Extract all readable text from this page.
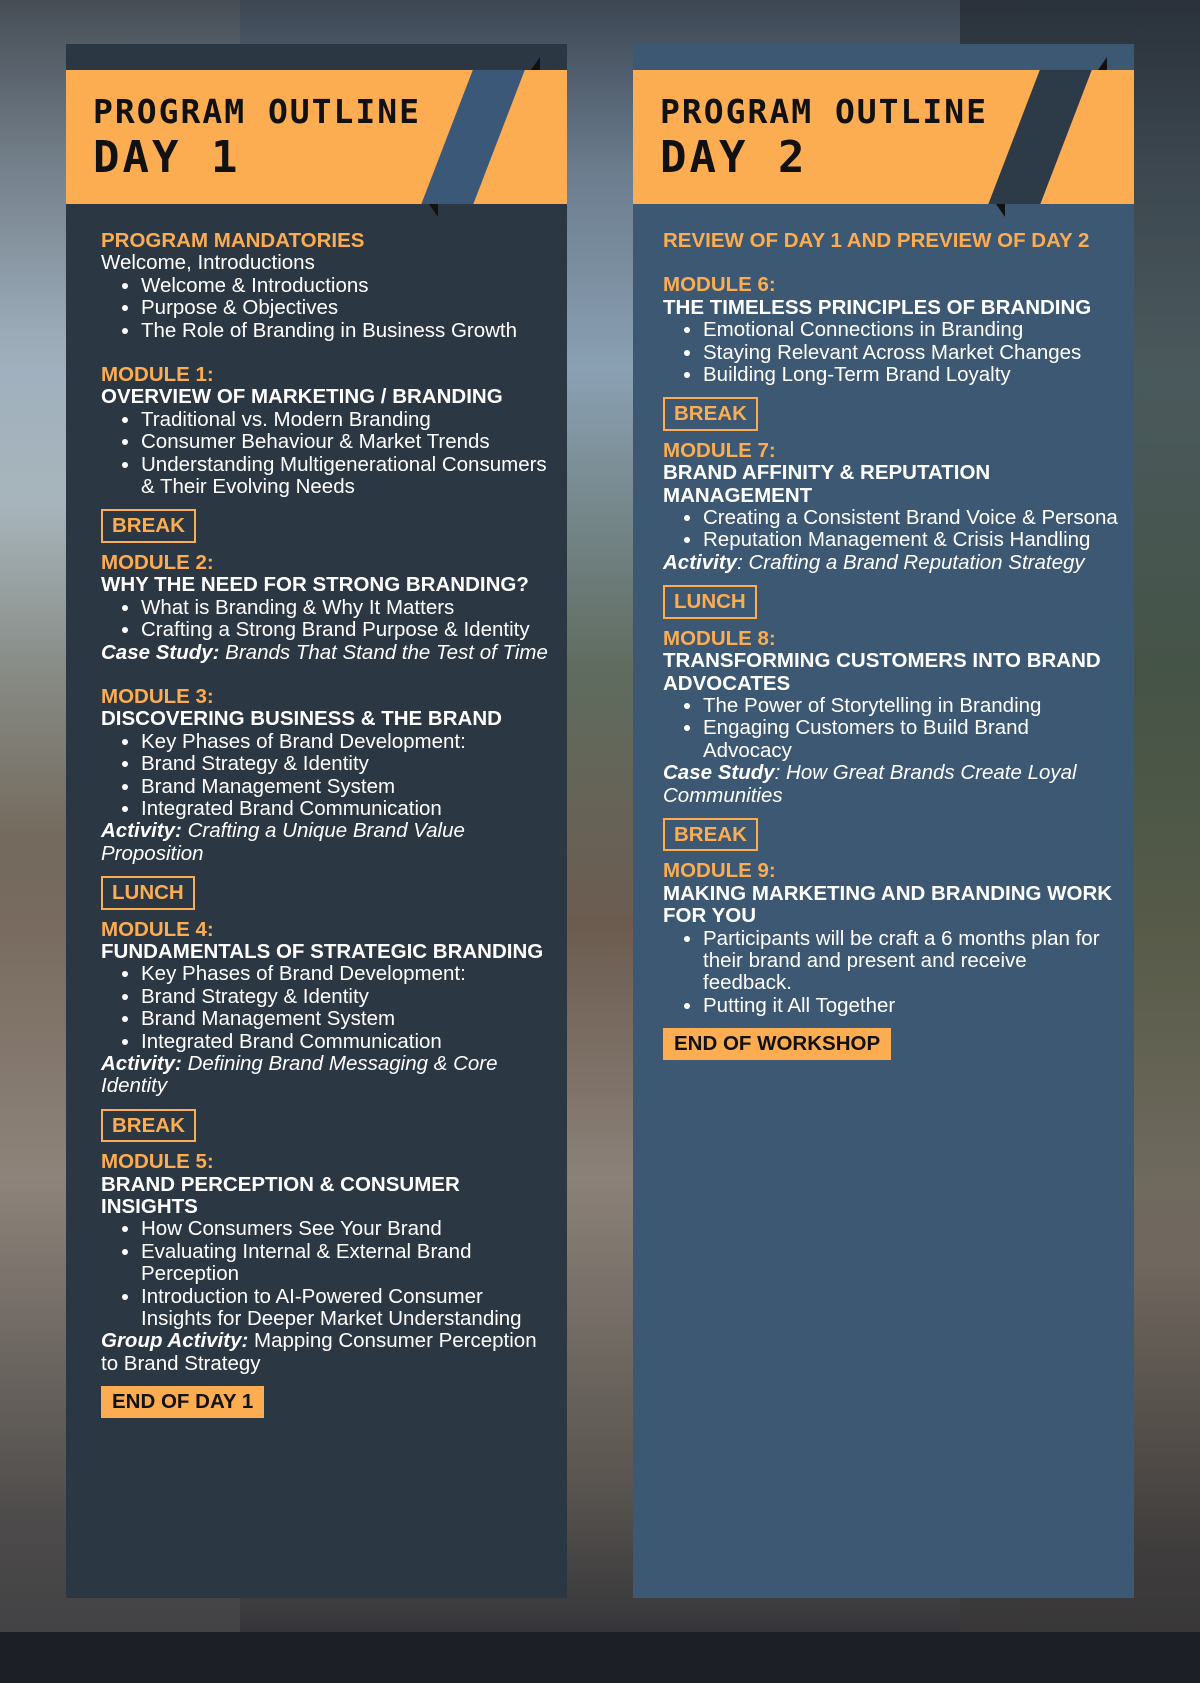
PROGRAM OUTLINE
DAY 1
PROGRAM MANDATORIES
Welcome, Introductions
• Welcome & Introductions
• Purpose & Objectives
• The Role of Branding in Business Growth
MODULE 1:
OVERVIEW OF MARKETING / BRANDING
• Traditional vs. Modern Branding
• Consumer Behaviour & Market Trends
• Understanding Multigenerational Consumers & Their Evolving Needs
BREAK
MODULE 2:
WHY THE NEED FOR STRONG BRANDING?
• What is Branding & Why It Matters
• Crafting a Strong Brand Purpose & Identity
Case Study: Brands That Stand the Test of Time
MODULE 3:
DISCOVERING BUSINESS & THE BRAND
• Key Phases of Brand Development:
• Brand Strategy & Identity
• Brand Management System
• Integrated Brand Communication
Activity: Crafting a Unique Brand Value Proposition
LUNCH
MODULE 4:
FUNDAMENTALS OF STRATEGIC BRANDING
• Key Phases of Brand Development:
• Brand Strategy & Identity
• Brand Management System
• Integrated Brand Communication
Activity: Defining Brand Messaging & Core Identity
BREAK
MODULE 5:
BRAND PERCEPTION & CONSUMER INSIGHTS
• How Consumers See Your Brand
• Evaluating Internal & External Brand Perception
• Introduction to AI-Powered Consumer Insights for Deeper Market Understanding
Group Activity: Mapping Consumer Perception to Brand Strategy
END OF DAY 1
PROGRAM OUTLINE
DAY 2
REVIEW OF DAY 1 AND PREVIEW OF DAY 2
MODULE 6:
THE TIMELESS PRINCIPLES OF BRANDING
• Emotional Connections in Branding
• Staying Relevant Across Market Changes
• Building Long-Term Brand Loyalty
BREAK
MODULE 7:
BRAND AFFINITY & REPUTATION MANAGEMENT
• Creating a Consistent Brand Voice & Persona
• Reputation Management & Crisis Handling
Activity: Crafting a Brand Reputation Strategy
LUNCH
MODULE 8:
TRANSFORMING CUSTOMERS INTO BRAND ADVOCATES
• The Power of Storytelling in Branding
• Engaging Customers to Build Brand Advocacy
Case Study: How Great Brands Create Loyal Communities
BREAK
MODULE 9:
MAKING MARKETING AND BRANDING WORK FOR YOU
• Participants will be craft a 6 months plan for their brand and present and receive feedback.
• Putting it All Together
END OF WORKSHOP
